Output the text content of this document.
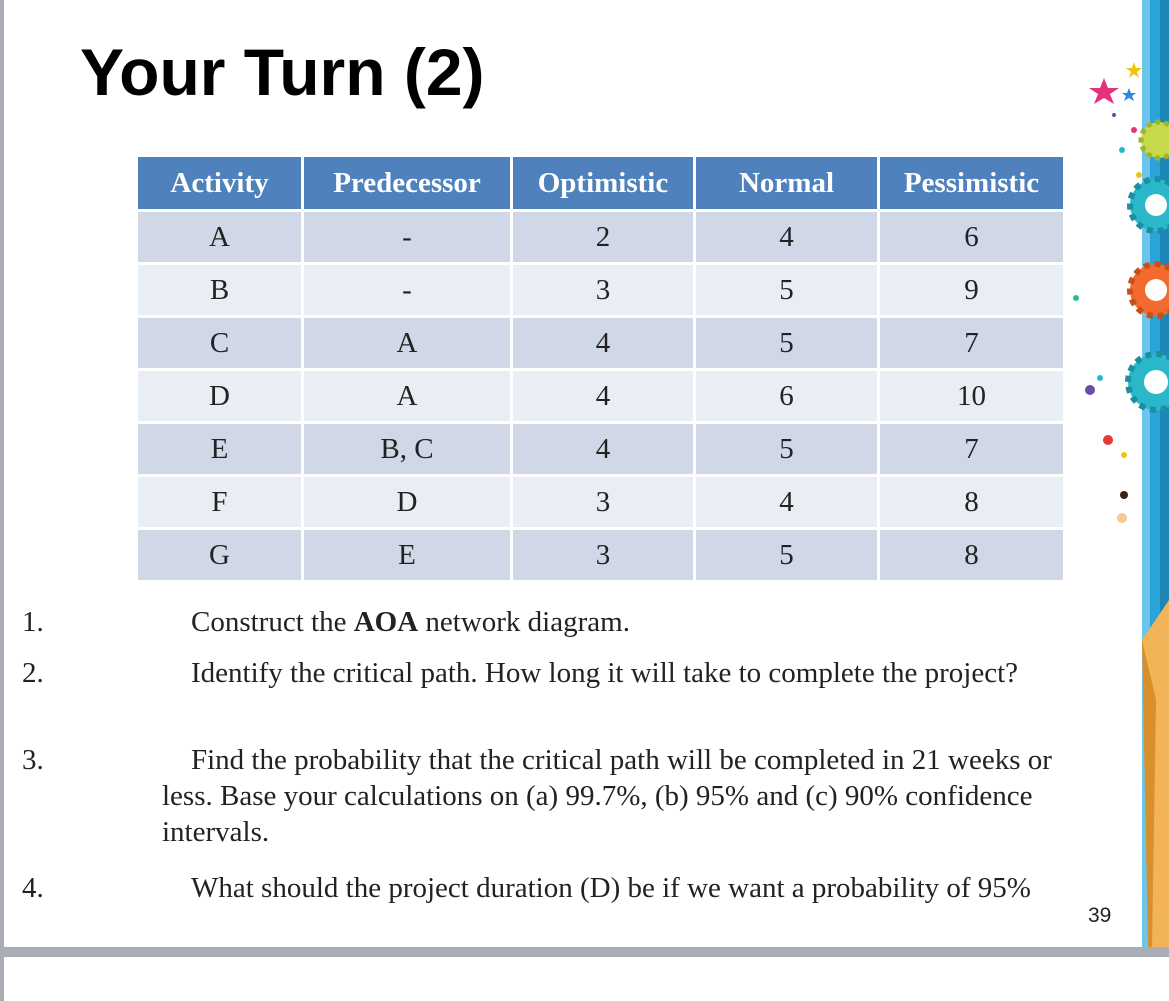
Your Turn (2)
Activity	Predecessor	Optimistic	Normal	Pessimistic
A	-	2	4	6
B	-	3	5	9
C	A	4	5	7
D	A	4	6	10
E	B, C	4	5	7
F	D	3	4	8
G	E	3	5	8
1.	Construct the AOA network diagram.
2.	Identify the critical path. How long it will take to complete the project?
3.	Find the probability that the critical path will be completed in 21 weeks or less. Base your calculations on (a) 99.7%, (b) 95% and (c) 90% confidence intervals.
4.	What should the project duration (D) be if we want a probability of 95%
39
